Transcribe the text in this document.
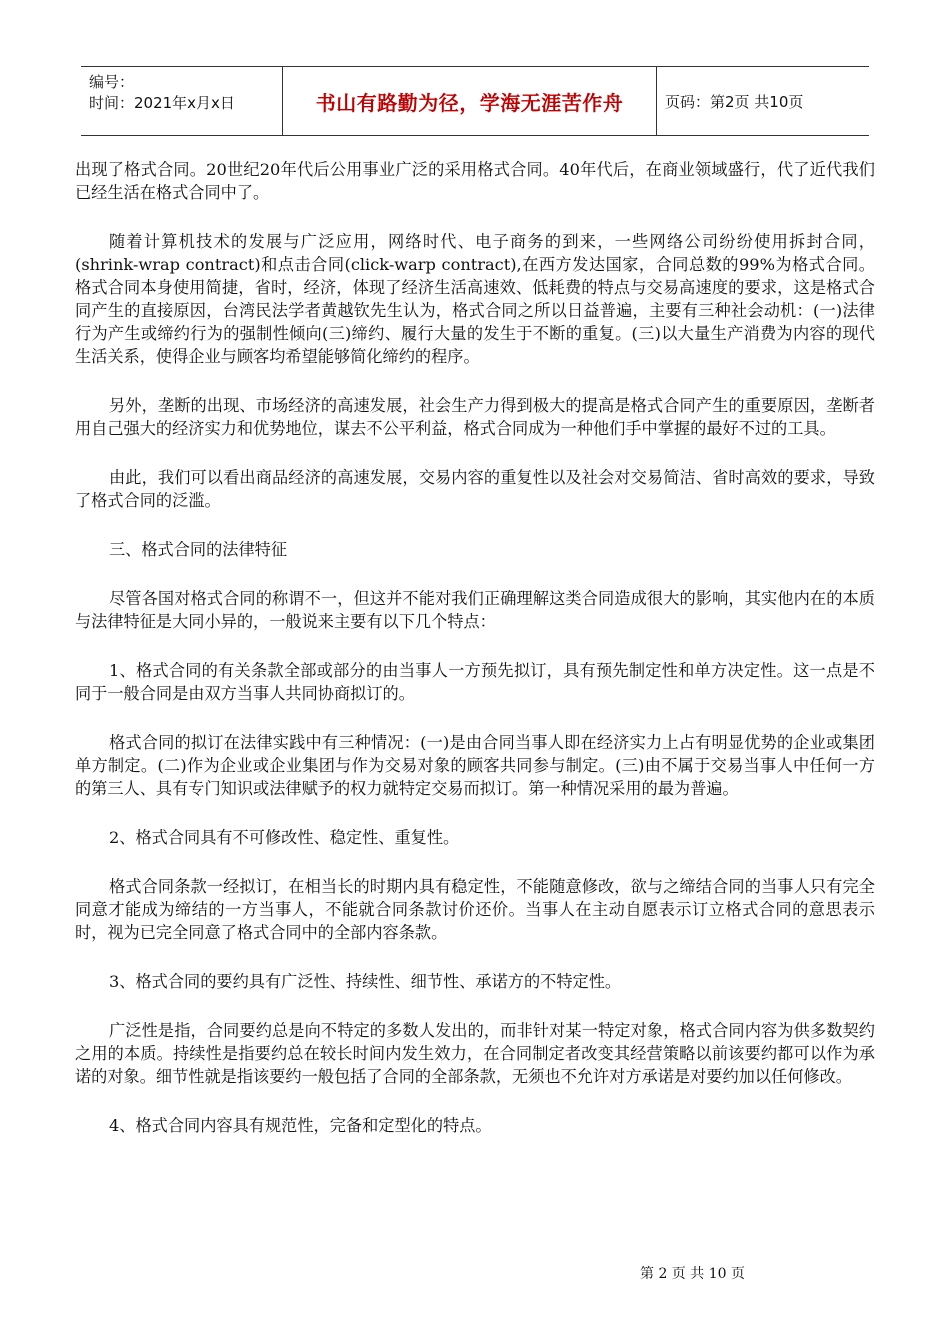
编号：
时间：2021年x月x日	书山有路勤为径，学海无涯苦作舟	页码：第2页 共10页

出现了格式合同。20世纪20年代后公用事业广泛的采用格式合同。40年代后，在商业领域盛行，代了近代我们已经生活在格式合同中了。

随着计算机技术的发展与广泛应用，网络时代、电子商务的到来，一些网络公司纷纷使用拆封合同，(shrink-wrap contract)和点击合同(click-warp contract),在西方发达国家，合同总数的99%为格式合同。格式合同本身使用简捷，省时，经济，体现了经济生活高速效、低耗费的特点与交易高速度的要求，这是格式合同产生的直接原因，台湾民法学者黄越钦先生认为，格式合同之所以日益普遍，主要有三种社会动机：(一)法律行为产生或缔约行为的强制性倾向(三)缔约、履行大量的发生于不断的重复。(三)以大量生产消费为内容的现代生活关系，使得企业与顾客均希望能够简化缔约的程序。

另外，垄断的出现、市场经济的高速发展，社会生产力得到极大的提高是格式合同产生的重要原因，垄断者用自己强大的经济实力和优势地位，谋去不公平利益，格式合同成为一种他们手中掌握的最好不过的工具。

由此，我们可以看出商品经济的高速发展，交易内容的重复性以及社会对交易简洁、省时高效的要求，导致了格式合同的泛滥。

三、格式合同的法律特征

尽管各国对格式合同的称谓不一，但这并不能对我们正确理解这类合同造成很大的影响，其实他内在的本质与法律特征是大同小异的，一般说来主要有以下几个特点：

1、格式合同的有关条款全部或部分的由当事人一方预先拟订，具有预先制定性和单方决定性。这一点是不同于一般合同是由双方当事人共同协商拟订的。

格式合同的拟订在法律实践中有三种情况：(一)是由合同当事人即在经济实力上占有明显优势的企业或集团单方制定。(二)作为企业或企业集团与作为交易对象的顾客共同参与制定。(三)由不属于交易当事人中任何一方的第三人、具有专门知识或法律赋予的权力就特定交易而拟订。第一种情况采用的最为普遍。

2、格式合同具有不可修改性、稳定性、重复性。

格式合同条款一经拟订，在相当长的时期内具有稳定性，不能随意修改，欲与之缔结合同的当事人只有完全同意才能成为缔结的一方当事人，不能就合同条款讨价还价。当事人在主动自愿表示订立格式合同的意思表示时，视为已完全同意了格式合同中的全部内容条款。

3、格式合同的要约具有广泛性、持续性、细节性、承诺方的不特定性。

广泛性是指，合同要约总是向不特定的多数人发出的，而非针对某一特定对象，格式合同内容为供多数契约之用的本质。持续性是指要约总在较长时间内发生效力，在合同制定者改变其经营策略以前该要约都可以作为承诺的对象。细节性就是指该要约一般包括了合同的全部条款，无须也不允许对方承诺是对要约加以任何修改。

4、格式合同内容具有规范性，完备和定型化的特点。

第 2 页 共 10 页
